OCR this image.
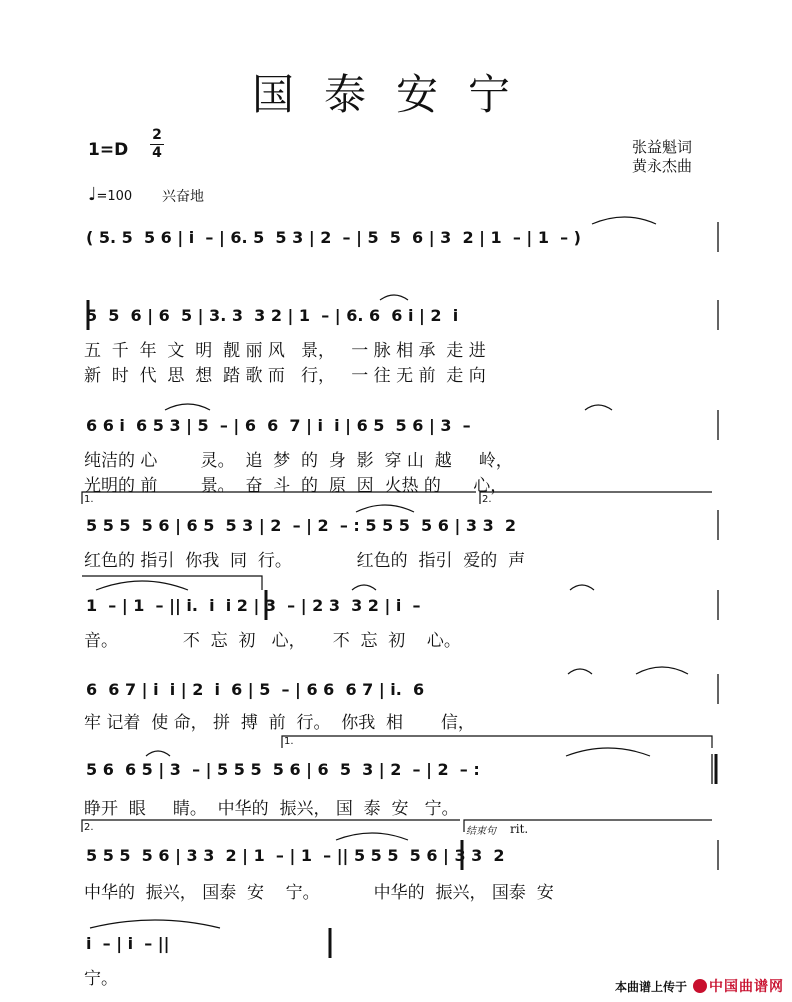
国泰安宁
1=D
2
4	张益魁词
黄永杰曲
♩=100 兴奋地
( 5. 5  5 6 | i  – | 6. 5  5 3 | 2  – | 5  5  6 | 3  2 | 1  – | 1  – )
5  5  6 | 6  5 | 3. 3  3 2 | 1  – | 6. 6  6 i | 2  i
五  千  年  文  明  靓 丽 风   景，   一 脉 相 承  走 进
新  时  代  思  想  踏 歌 而   行，   一 往 无 前  走 向
6 6 i  6 5 3 | 5  – | 6  6  7 | i  i | 6 5  5 6 | 3  –
纯洁的 心        灵。  追  梦  的  身  影  穿 山  越     岭，
光明的 前        景。  奋  斗  的  原  因  火热 的      心，
1.	2.
5 5 5  5 6 | 6 5  5 3 | 2  – | 2  – : 5 5 5  5 6 | 3 3  2
红色的 指引  你我  同  行。            红色的  指引  爱的  声
1  – | 1  – || i.  i  i 2 | 3  – | 2 3  3 2 | i  –
音。            不  忘  初   心，     不  忘  初    心。
6  6 7 | i  i | 2  i  6 | 5  – | 6 6  6 7 | i.  6
牢 记着  使 命， 拼  搏  前  行。  你我  相       信，
1.
5 6  6 5 | 3  – | 5 5 5  5 6 | 6  5  3 | 2  – | 2  – :
睁开  眼     睛。  中华的  振兴， 国  泰  安   宁。
2.	结束句 rit.
5 5 5  5 6 | 3 3  2 | 1  – | 1  – || 5 5 5  5 6 | 3 3  2
中华的  振兴， 国泰  安    宁。          中华的  振兴， 国泰  安
i  – | i  – ||
宁。	本曲谱上传于 中国曲谱网
